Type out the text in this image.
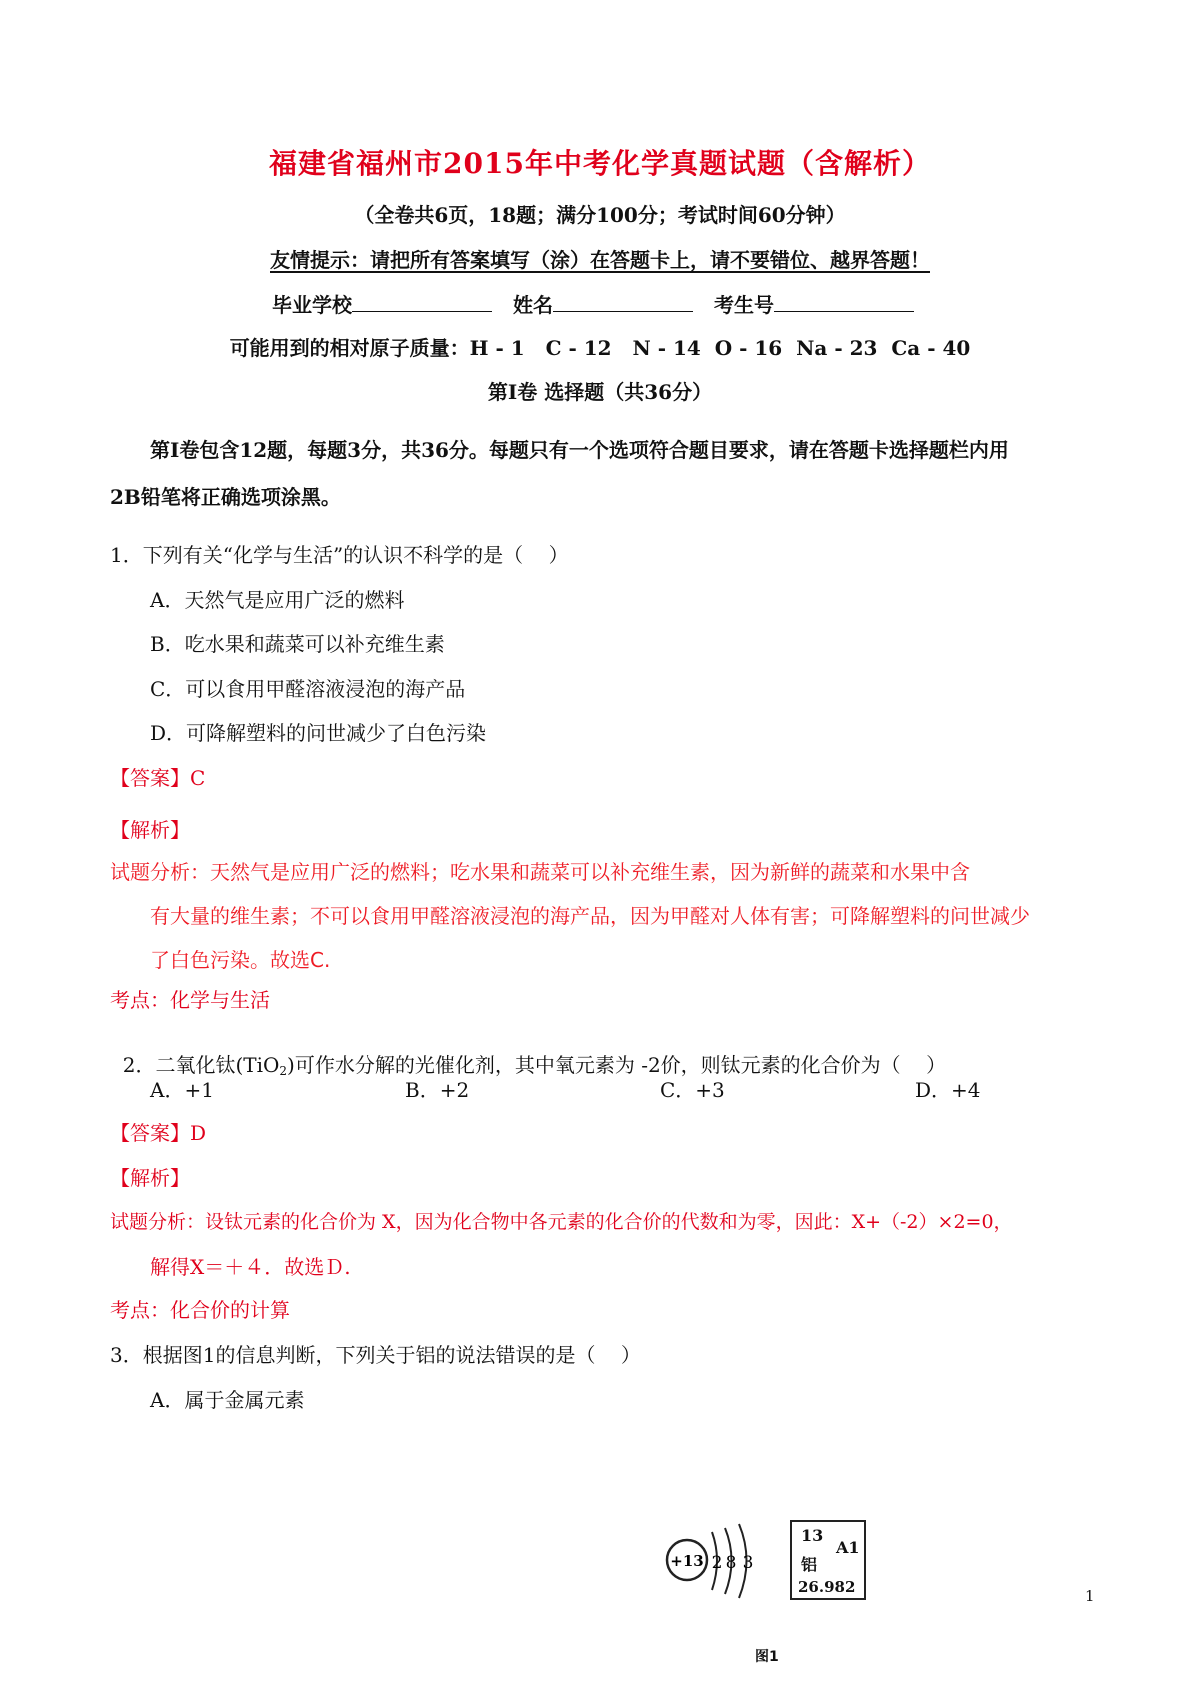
福建省福州市2015年中考化学真题试题（含解析）
（全卷共6页，18题；满分100分；考试时间60分钟）
友情提示：请把所有答案填写（涂）在答题卡上，请不要错位、越界答题！
毕业学校	姓名	考生号
可能用到的相对原子质量：H - 1   C - 12   N - 14  O - 16  Na - 23  Ca - 40
第Ⅰ卷 选择题（共36分）
第Ⅰ卷包含12题，每题3分，共36分。每题只有一个选项符合题目要求，请在答题卡选择题栏内用
2B铅笔将正确选项涂黑。
1．下列有关“化学与生活”的认识不科学的是（    ）
A．天然气是应用广泛的燃料
B．吃水果和蔬菜可以补充维生素
C．可以食用甲醛溶液浸泡的海产品
D．可降解塑料的问世减少了白色污染
【答案】C
【解析】
试题分析：天然气是应用广泛的燃料；吃水果和蔬菜可以补充维生素，因为新鲜的蔬菜和水果中含
有大量的维生素；不可以食用甲醛溶液浸泡的海产品，因为甲醛对人体有害；可降解塑料的问世减少
了白色污染。故选C.
考点：化学与生活

2．二氧化钛(TiO$_2$)可作水分解的光催化剂，其中氧元素为 -2价，则钛元素的化合价为（    ）

A．+1	B．+2	C．+3	D．+4
【答案】D
【解析】
试题分析：设钛元素的化合价为 X，因为化合物中各元素的化合价的代数和为零，因此：X+（-2）×2=0，
解得X＝＋４．故选Ｄ.
考点：化合价的计算
3．根据图1的信息判断，下列关于铝的说法错误的是（    ）
A．属于金属元素
+13 2 8 3
13
A1
铝
26.982
图1
1
